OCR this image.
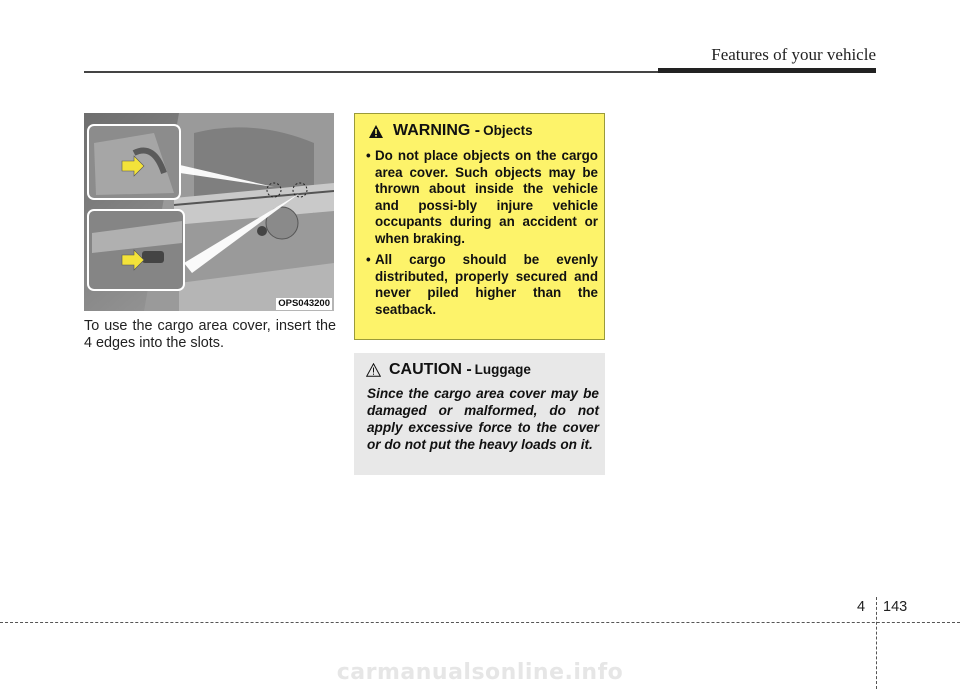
Features of your vehicle
OPS043200
To use the cargo area cover, insert the 4 edges into the slots.
WARNING - Objects
• Do not place objects on the cargo area cover. Such objects may be thrown about inside the vehicle and possi-bly injure vehicle occupants during an accident or when braking.
• All cargo should be evenly distributed, properly secured and never piled higher than the seatback.
CAUTION - Luggage
Since the cargo area cover may be damaged or malformed, do not apply excessive force to the cover or do not put the heavy loads on it.
4 143
carmanualsonline.info
